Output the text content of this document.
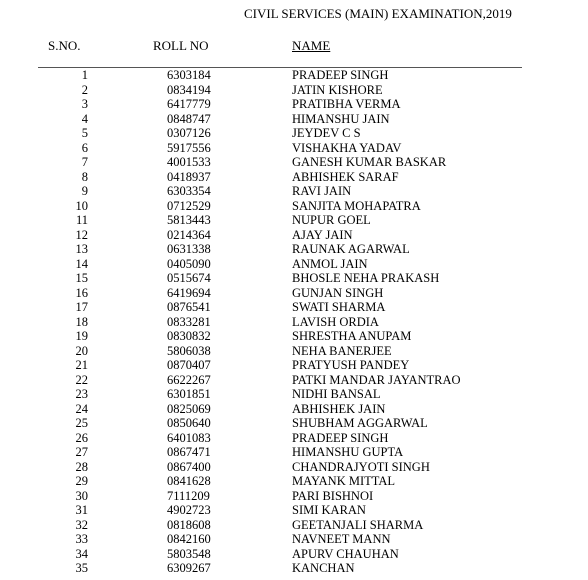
CIVIL SERVICES (MAIN) EXAMINATION,2019
S.NO.	ROLL NO	NAME
1	6303184	PRADEEP SINGH
2	0834194	JATIN KISHORE
3	6417779	PRATIBHA VERMA
4	0848747	HIMANSHU JAIN
5	0307126	JEYDEV C S
6	5917556	VISHAKHA YADAV
7	4001533	GANESH KUMAR BASKAR
8	0418937	ABHISHEK SARAF
9	6303354	RAVI JAIN
10	0712529	SANJITA MOHAPATRA
11	5813443	NUPUR GOEL
12	0214364	AJAY JAIN
13	0631338	RAUNAK AGARWAL
14	0405090	ANMOL JAIN
15	0515674	BHOSLE NEHA PRAKASH
16	6419694	GUNJAN SINGH
17	0876541	SWATI SHARMA
18	0833281	LAVISH ORDIA
19	0830832	SHRESTHA ANUPAM
20	5806038	NEHA BANERJEE
21	0870407	PRATYUSH PANDEY
22	6622267	PATKI MANDAR JAYANTRAO
23	6301851	NIDHI BANSAL
24	0825069	ABHISHEK JAIN
25	0850640	SHUBHAM AGGARWAL
26	6401083	PRADEEP SINGH
27	0867471	HIMANSHU GUPTA
28	0867400	CHANDRAJYOTI SINGH
29	0841628	MAYANK MITTAL
30	7111209	PARI BISHNOI
31	4902723	SIMI KARAN
32	0818608	GEETANJALI SHARMA
33	0842160	NAVNEET MANN
34	5803548	APURV CHAUHAN
35	6309267	KANCHAN
